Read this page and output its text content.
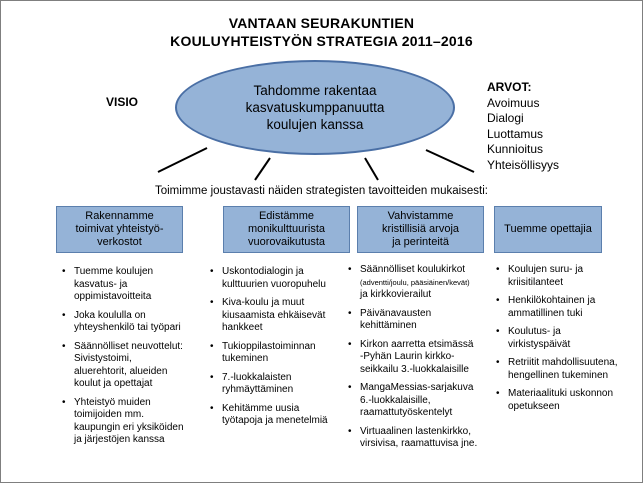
VANTAAN SEURAKUNTIEN
KOULUYHTEISTYÖN STRATEGIA 2011–2016
VISIO
Tahdomme rakentaa
kasvatuskumppanuutta
koulujen kanssa
ARVOT:
Avoimuus
Dialogi
Luottamus
Kunnioitus
Yhteisöllisyys
Toimimme joustavasti näiden strategisten tavoitteiden mukaisesti:
Rakennamme
toimivat yhteistyö-
verkostot
Edistämme
monikulttuurista
vuorovaikutusta
Vahvistamme
kristillisiä arvoja
ja perinteitä
Tuemme opettajia
• Tuemme koulujen
kasvatus- ja
oppimistavoitteita
• Joka koululla on
yhteyshenkilö tai työpari
• Säännölliset neuvottelut:
Sivistystoimi,
aluerehtorit, alueiden
koulut ja opettajat
• Yhteistyö muiden
toimijoiden mm.
kaupungin eri yksiköiden
ja järjestöjen kanssa
• Uskontodialogin ja
kulttuurien vuoropuhelu
• Kiva-koulu ja muut
kiusaamista ehkäisevät
hankkeet
• Tukioppilastoiminnan
tukeminen
• 7.-luokkalaisten
ryhmäyttäminen
• Kehitämme uusia
työtapoja ja menetelmiä
• Säännölliset koulukirkot
(adventti/joulu, pääsiäinen/kevät)
ja kirkkovierailut
• Päivänavausten
kehittäminen
• Kirkon aarretta etsimässä
-Pyhän Laurin kirkko-
seikkailu 3.-luokkalaisille
• MangaMessias-sarjakuva
6.-luokkalaisille,
raamattutyöskentelyt
• Virtuaalinen lastenkirkko,
virsivisa, raamattuvisa jne.
• Koulujen suru- ja
kriisitilanteet
• Henkilökohtainen ja
ammatillinen tuki
• Koulutus- ja
virkistyspäivät
• Retriitit mahdollisuutena,
hengellinen tukeminen
• Materiaalituki uskonnon
opetukseen
